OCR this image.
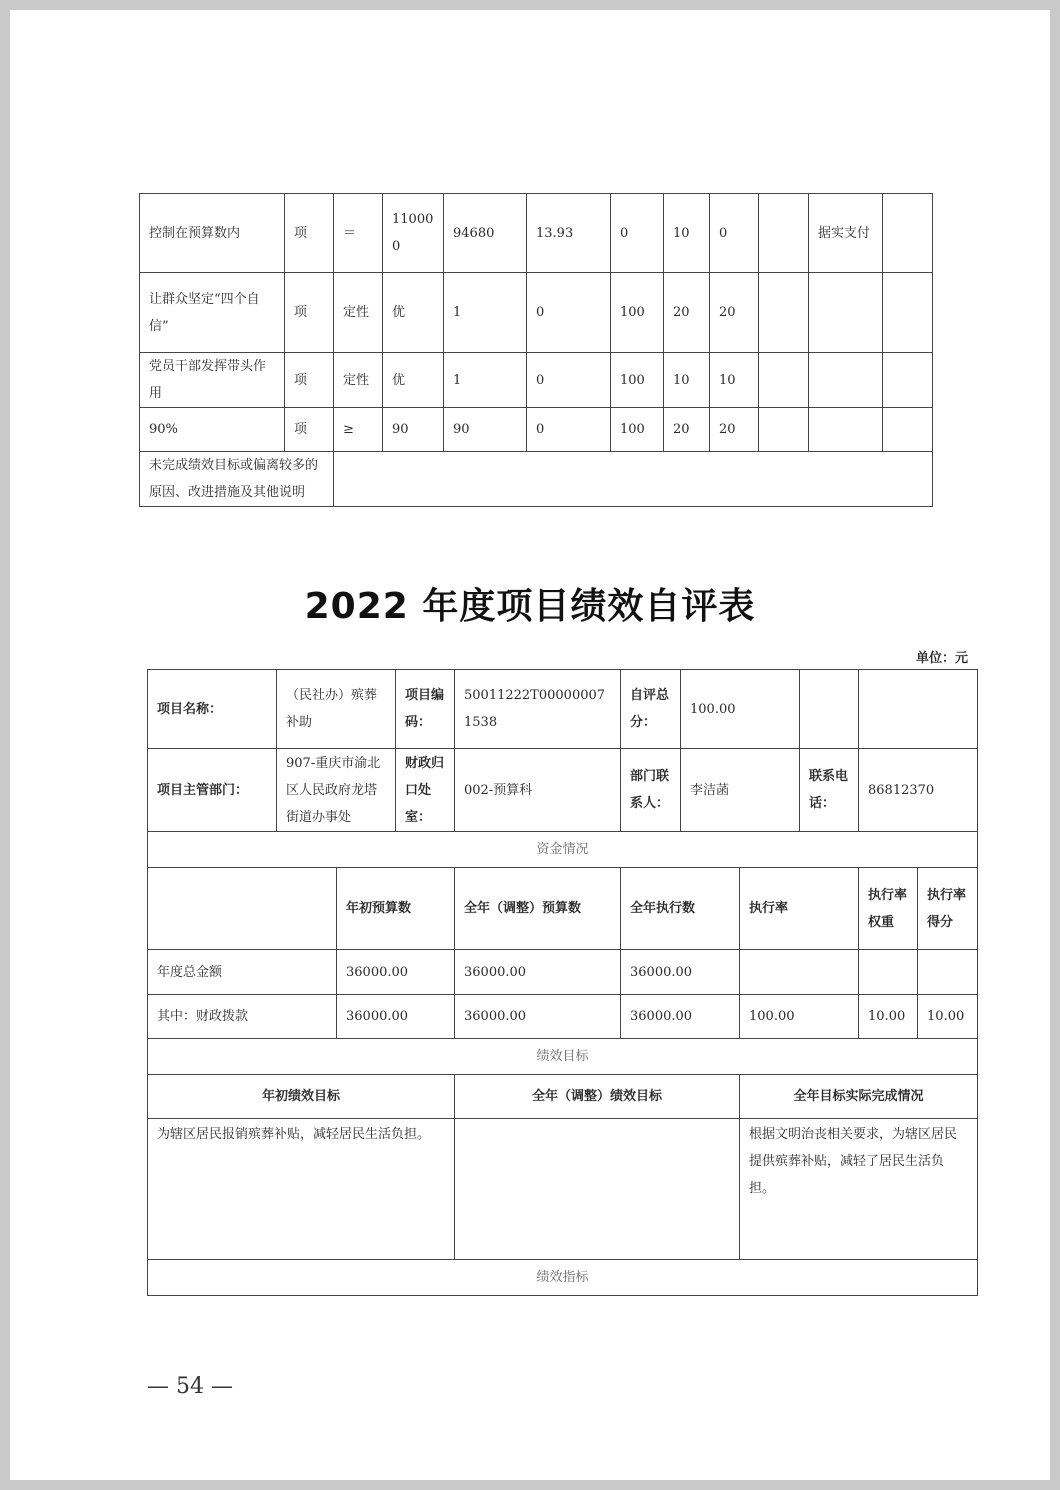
控制在预算数内	项	＝	110000	94680	13.93	0	10	0		据实支付	
让群众坚定“四个自信”	项	定性	优	1	0	100	20	20			
党员干部发挥带头作用	项	定性	优	1	0	100	10	10			
90%	项	≥	90	90	0	100	20	20			
未完成绩效目标或偏离较多的原因、改进措施及其他说明											
2022 年度项目绩效自评表
单位：元
项目名称：	（民社办）殡葬补助		项目编码：	50011222T000000071538	自评总分：	100.00				
项目主管部门：	907-重庆市渝北区人民政府龙塔街道办事处		财政归口处室：	002-预算科	部门联系人：	李洁菡		联系电话：	86812370	
资金情况										
		年初预算数		全年（调整）预算数	全年执行数		执行率		执行率权重	执行率得分
年度总金额		36000.00		36000.00	36000.00					
其中：财政拨款		36000.00		36000.00	36000.00		100.00		10.00	10.00
绩效目标										
年初绩效目标				全年（调整）绩效目标			全年目标实际完成情况			
为辖区居民报销殡葬补贴，减轻居民生活负担。							根据文明治丧相关要求，为辖区居民提供殡葬补贴，减轻了居民生活负担。			
绩效指标										
— 54 —
